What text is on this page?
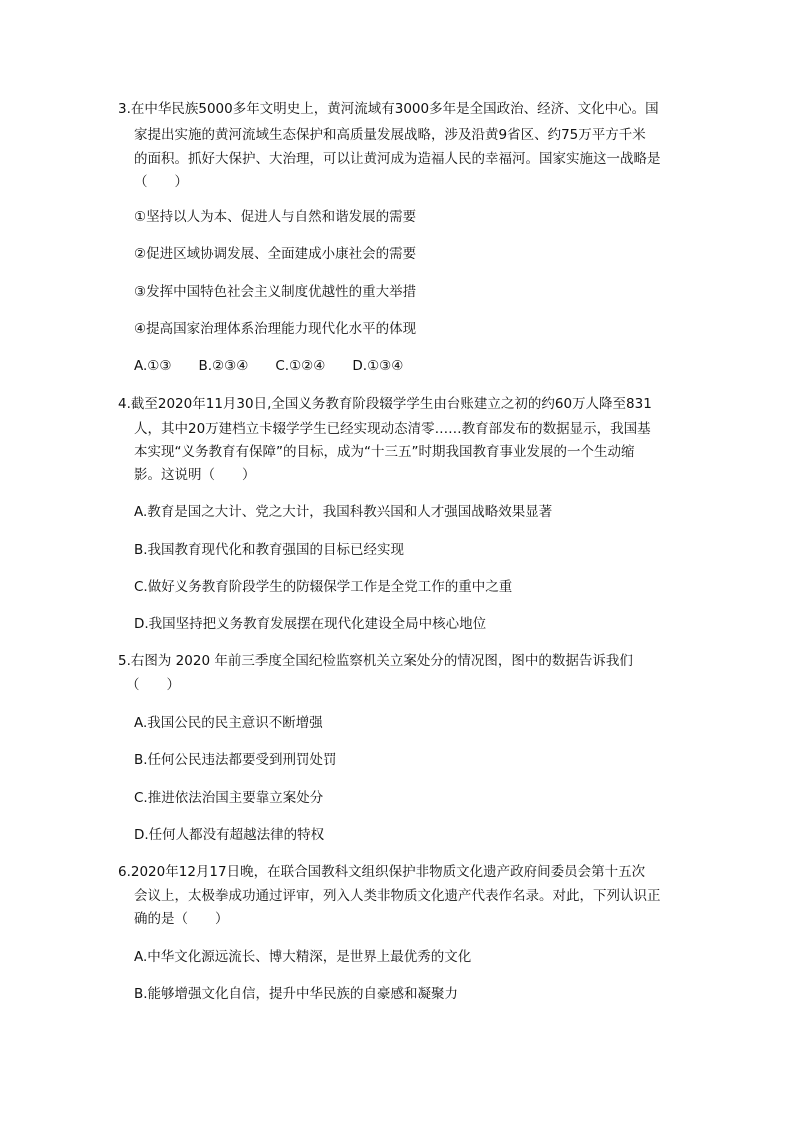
3.在中华民族5000多年文明史上，黄河流域有3000多年是全国政治、经济、文化中心。国
家提出实施的黄河流域生态保护和高质量发展战略，涉及沿黄9省区、约75万平方千米
的面积。抓好大保护、大治理，可以让黄河成为造福人民的幸福河。国家实施这一战略是
（　　）
①坚持以人为本、促进人与自然和谐发展的需要
②促进区域协调发展、全面建成小康社会的需要
③发挥中国特色社会主义制度优越性的重大举措
④提高国家治理体系治理能力现代化水平的体现
A.①③　　B.②③④　　C.①②④　　D.①③④
4.截至2020年11月30日,全国义务教育阶段辍学学生由台账建立之初的约60万人降至831
人，其中20万建档立卡辍学学生已经实现动态清零……教育部发布的数据显示，我国基
本实现“义务教育有保障”的目标，成为“十三五”时期我国教育事业发展的一个生动缩
影。这说明（　　）
A.教育是国之大计、党之大计，我国科教兴国和人才强国战略效果显著
B.我国教育现代化和教育强国的目标已经实现
C.做好义务教育阶段学生的防辍保学工作是全党工作的重中之重
D.我国坚持把义务教育发展摆在现代化建设全局中核心地位
5.右图为 2020 年前三季度全国纪检监察机关立案处分的情况图，图中的数据告诉我们
（　　）
A.我国公民的民主意识不断增强
B.任何公民违法都要受到刑罚处罚
C.推进依法治国主要靠立案处分
D.任何人都没有超越法律的特权
6.2020年12月17日晚，在联合国教科文组织保护非物质文化遗产政府间委员会第十五次
会议上，太极拳成功通过评审，列入人类非物质文化遗产代表作名录。对此，下列认识正
确的是（　　）
A.中华文化源远流长、博大精深，是世界上最优秀的文化
B.能够增强文化自信，提升中华民族的自豪感和凝聚力
